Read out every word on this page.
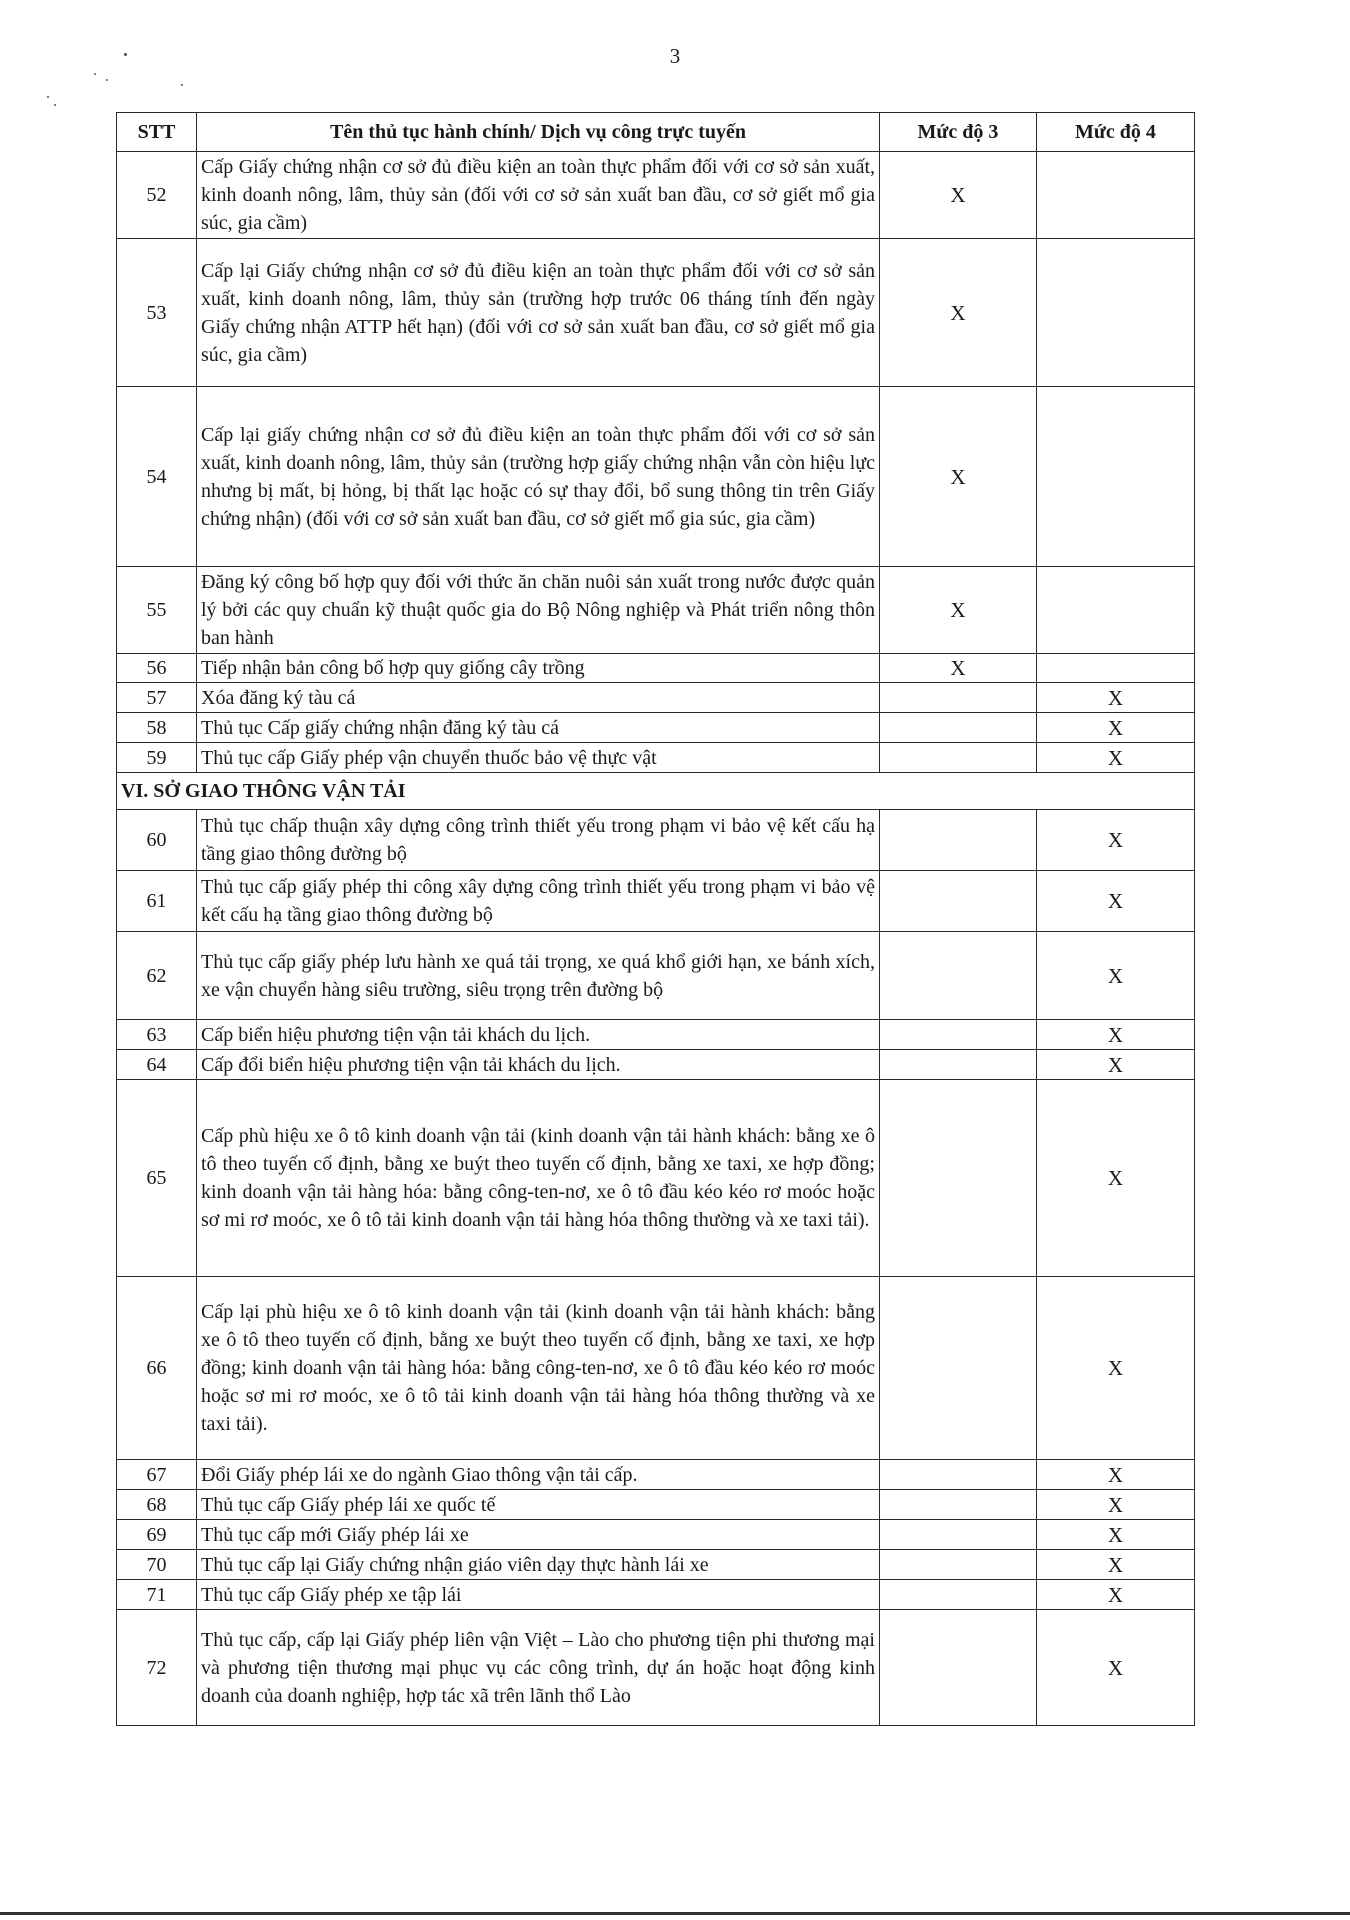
3
STT	Tên thủ tục hành chính/ Dịch vụ công trực tuyến	Mức độ 3	Mức độ 4
52	Cấp Giấy chứng nhận cơ sở đủ điều kiện an toàn thực phẩm đối với cơ sở sản xuất, kinh doanh nông, lâm, thủy sản (đối với cơ sở sản xuất ban đầu, cơ sở giết mổ gia súc, gia cầm)	X	
53	Cấp lại Giấy chứng nhận cơ sở đủ điều kiện an toàn thực phẩm đối với cơ sở sản xuất, kinh doanh nông, lâm, thủy sản (trường hợp trước 06 tháng tính đến ngày Giấy chứng nhận ATTP hết hạn) (đối với cơ sở sản xuất ban đầu, cơ sở giết mổ gia súc, gia cầm)	X	
54	Cấp lại giấy chứng nhận cơ sở đủ điều kiện an toàn thực phẩm đối với cơ sở sản xuất, kinh doanh nông, lâm, thủy sản (trường hợp giấy chứng nhận vẫn còn hiệu lực nhưng bị mất, bị hỏng, bị thất lạc hoặc có sự thay đổi, bổ sung thông tin trên Giấy chứng nhận) (đối với cơ sở sản xuất ban đầu, cơ sở giết mổ gia súc, gia cầm)	X	
55	Đăng ký công bố hợp quy đối với thức ăn chăn nuôi sản xuất trong nước được quản lý bởi các quy chuẩn kỹ thuật quốc gia do Bộ Nông nghiệp và Phát triển nông thôn ban hành	X	
56	Tiếp nhận bản công bố hợp quy giống cây trồng	X	
57	Xóa đăng ký tàu cá		X
58	Thủ tục Cấp giấy chứng nhận đăng ký tàu cá		X
59	Thủ tục cấp Giấy phép vận chuyển thuốc bảo vệ thực vật		X
VI. SỞ GIAO THÔNG VẬN TẢI			
60	Thủ tục chấp thuận xây dựng công trình thiết yếu trong phạm vi bảo vệ kết cấu hạ tầng giao thông đường bộ		X
61	Thủ tục cấp giấy phép thi công xây dựng công trình thiết yếu trong phạm vi bảo vệ kết cấu hạ tầng giao thông đường bộ		X
62	Thủ tục cấp giấy phép lưu hành xe quá tải trọng, xe quá khổ giới hạn, xe bánh xích, xe vận chuyển hàng siêu trường, siêu trọng trên đường bộ		X
63	Cấp biển hiệu phương tiện vận tải khách du lịch.		X
64	Cấp đổi biển hiệu phương tiện vận tải khách du lịch.		X
65	Cấp phù hiệu xe ô tô kinh doanh vận tải (kinh doanh vận tải hành khách: bằng xe ô tô theo tuyến cố định, bằng xe buýt theo tuyến cố định, bằng xe taxi, xe hợp đồng; kinh doanh vận tải hàng hóa: bằng công-ten-nơ, xe ô tô đầu kéo kéo rơ moóc hoặc sơ mi rơ moóc, xe ô tô tải kinh doanh vận tải hàng hóa thông thường và xe taxi tải).		X
66	Cấp lại phù hiệu xe ô tô kinh doanh vận tải (kinh doanh vận tải hành khách: bằng xe ô tô theo tuyến cố định, bằng xe buýt theo tuyến cố định, bằng xe taxi, xe hợp đồng; kinh doanh vận tải hàng hóa: bằng công-ten-nơ, xe ô tô đầu kéo kéo rơ moóc hoặc sơ mi rơ moóc, xe ô tô tải kinh doanh vận tải hàng hóa thông thường và xe taxi tải).		X
67	Đổi Giấy phép lái xe do ngành Giao thông vận tải cấp.		X
68	Thủ tục cấp Giấy phép lái xe quốc tế		X
69	Thủ tục cấp mới Giấy phép lái xe		X
70	Thủ tục cấp lại Giấy chứng nhận giáo viên dạy thực hành lái xe		X
71	Thủ tục cấp Giấy phép xe tập lái		X
72	Thủ tục cấp, cấp lại Giấy phép liên vận Việt – Lào cho phương tiện phi thương mại và phương tiện thương mại phục vụ các công trình, dự án hoặc hoạt động kinh doanh của doanh nghiệp, hợp tác xã trên lãnh thổ Lào		X
